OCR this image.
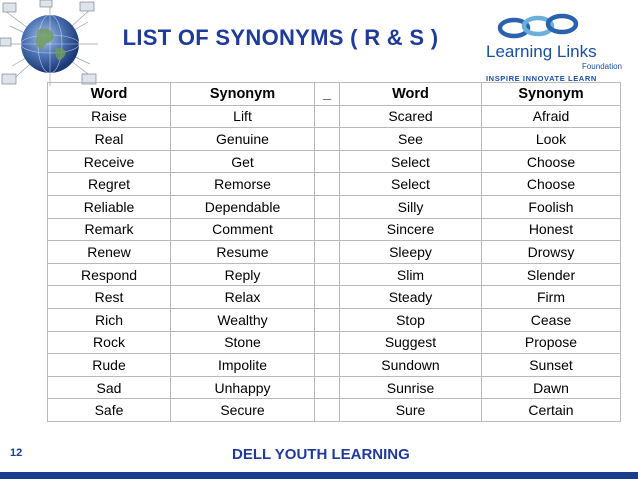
LIST OF SYNONYMS ( R & S )
Learning Links
Foundation
INSPIRE INNOVATE LEARN
Word	Synonym	_	Word	Synonym
Raise	Lift		Scared	Afraid
Real	Genuine		See	Look
Receive	Get		Select	Choose
Regret	Remorse		Select	Choose
Reliable	Dependable		Silly	Foolish
Remark	Comment		Sincere	Honest
Renew	Resume		Sleepy	Drowsy
Respond	Reply		Slim	Slender
Rest	Relax		Steady	Firm
Rich	Wealthy		Stop	Cease
Rock	Stone		Suggest	Propose
Rude	Impolite		Sundown	Sunset
Sad	Unhappy		Sunrise	Dawn
Safe	Secure		Sure	Certain
12	DELL YOUTH LEARNING
